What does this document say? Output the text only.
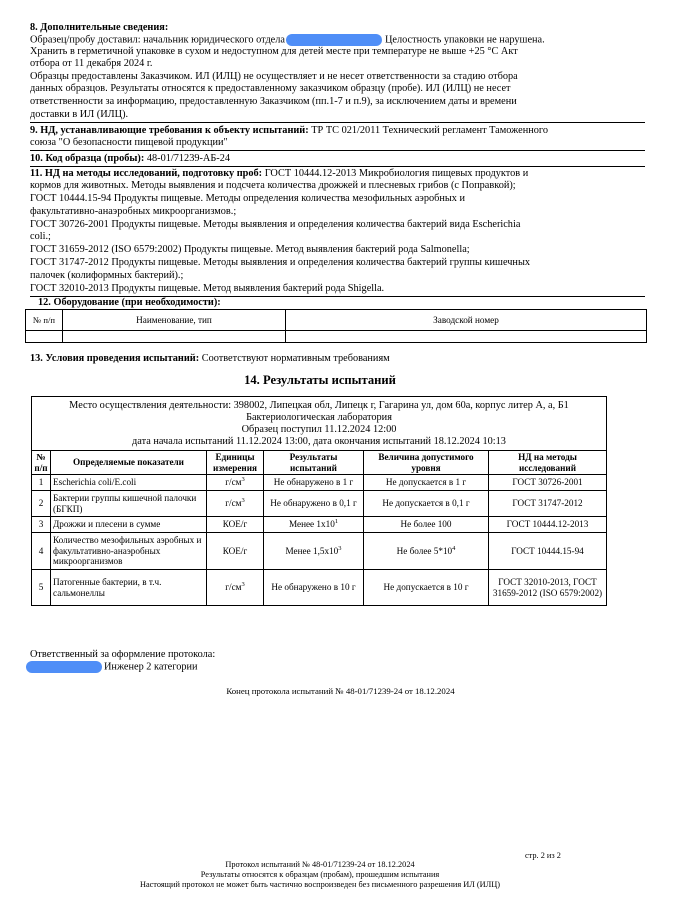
8. Дополнительные сведения:
Образец/пробу доставил: начальник юридического отдела	Целостность упаковки не нарушена.
Хранить в герметичной упаковке в сухом и недоступном для детей месте при температуре не выше +25 °С Акт
отбора от 11 декабря 2024 г.
Образцы предоставлены Заказчиком. ИЛ (ИЛЦ) не осуществляет и не несет ответственности за стадию отбора
данных образцов. Результаты относятся к предоставленному заказчиком образцу (пробе). ИЛ (ИЛЦ) не несет
ответственности за информацию, предоставленную Заказчиком (пп.1-7 и п.9), за исключением даты и времени
доставки в ИЛ (ИЛЦ).
9. НД, устанавливающие требования к объекту испытаний: ТР ТС 021/2011 Технический регламент Таможенного
союза "О безопасности пищевой продукции"
10. Код образца (пробы): 48-01/71239-АБ-24
11. НД на методы исследований, подготовку проб: ГОСТ 10444.12-2013 Микробиология пищевых продуктов и
кормов для животных. Методы выявления и подсчета количества дрожжей и плесневых грибов (с Поправкой);
ГОСТ 10444.15-94 Продукты пищевые. Методы определения количества мезофильных аэробных и
факультативно-анаэробных микроорганизмов.;
ГОСТ 30726-2001 Продукты пищевые. Методы выявления и определения количества бактерий вида Escherichia
coli.;
ГОСТ 31659-2012 (ISO 6579:2002) Продукты пищевые. Метод выявления бактерий рода Salmonella;
ГОСТ 31747-2012 Продукты пищевые. Методы выявления и определения количества бактерий группы кишечных
палочек (колиформных бактерий).;
ГОСТ 32010-2013 Продукты пищевые. Метод выявления бактерий рода Shigella.
12. Оборудование (при необходимости):
№ п/п	Наименование, тип	Заводской номер

13. Условия проведения испытаний: Соответствуют нормативным требованиям
14. Результаты испытаний
Место осуществления деятельности: 398002, Липецкая обл, Липецк г, Гагарина ул, дом 60а, корпус литер А, а, Б1
Бактериологическая лаборатория
Образец поступил 11.12.2024 12:00
дата начала испытаний 11.12.2024 13:00, дата окончания испытаний 18.12.2024 10:13
№ п/п	Определяемые показатели	Единицы измерения	Результаты испытаний	Величина допустимого уровня	НД на методы исследований
1	Escherichia coli/E.coli	$г/см^3$	Не обнаружено в 1 г	Не допускается в 1 г	ГОСТ 30726-2001
2	Бактерии группы кишечной палочки (БГКП)	$г/см^3$	Не обнаружено в 0,1 г	Не допускается в 0,1 г	ГОСТ 31747-2012
3	Дрожжи и плесени в сумме	КОЕ/г	Менее $1х10^1$	Не более 100	ГОСТ 10444.12-2013
4	Количество мезофильных аэробных и факультативно-анаэробных микроорганизмов	КОЕ/г	Менее $1,5х10^3$	Не более $5*10^4$	ГОСТ 10444.15-94
5	Патогенные бактерии, в т.ч. сальмонеллы	$г/см^3$	Не обнаружено в 10 г	Не допускается в 10 г	ГОСТ 32010-2013, ГОСТ 31659-2012 (ISO 6579:2002)
Ответственный за оформление протокола:
Инженер 2 категории
Конец протокола испытаний № 48-01/71239-24 от 18.12.2024
стр. 2 из 2
Протокол испытаний № 48-01/71239-24 от 18.12.2024
Результаты относятся к образцам (пробам), прошедшим испытания
Настоящий протокол не может быть частично воспроизведен без письменного разрешения ИЛ (ИЛЦ)
